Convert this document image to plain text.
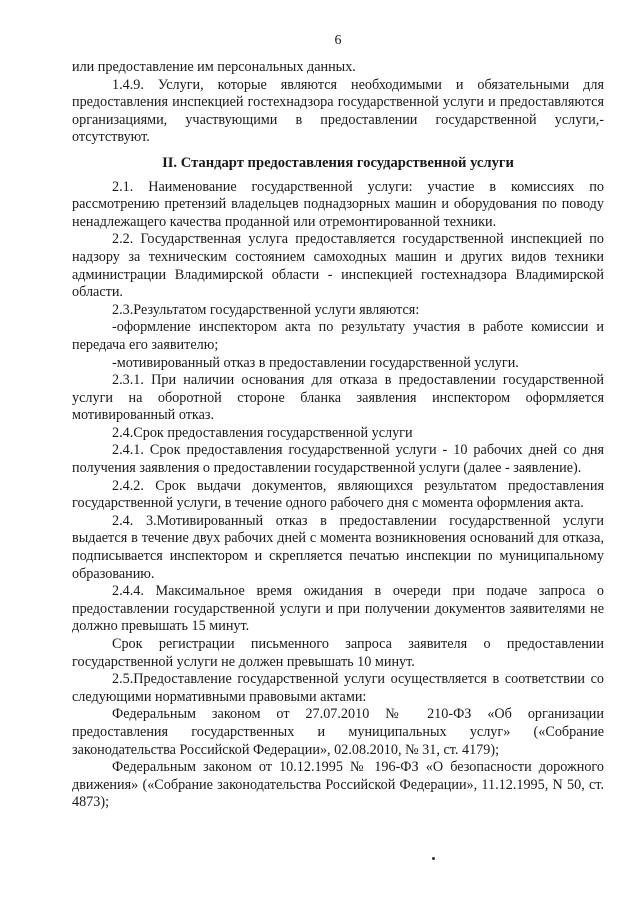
6

или предоставление им персональных данных.

1.4.9. Услуги, которые являются необходимыми и обязательными для предоставления инспекцией гостехнадзора государственной услуги и предоставляются организациями, участвующими в предоставлении государственной услуги,- отсутствуют.

II. Стандарт предоставления государственной услуги

2.1. Наименование государственной услуги: участие в комиссиях по рассмотрению претензий владельцев поднадзорных машин и оборудования по поводу ненадлежащего качества проданной или отремонтированной техники.

2.2. Государственная услуга предоставляется государственной инспекцией по надзору за техническим состоянием самоходных машин и других видов техники администрации Владимирской области - инспекцией гостехнадзора Владимирской области.

2.3.Результатом государственной услуги являются:

-оформление инспектором акта по результату участия в работе комиссии и передача его заявителю;

-мотивированный отказ в предоставлении государственной услуги.

2.3.1. При наличии основания для отказа в предоставлении государственной услуги на оборотной стороне бланка заявления инспектором оформляется мотивированный отказ.

2.4.Срок предоставления государственной услуги

2.4.1. Срок предоставления государственной услуги - 10 рабочих дней со дня получения заявления о предоставлении государственной услуги (далее - заявление).

2.4.2. Срок выдачи документов, являющихся результатом предоставления государственной услуги, в течение одного рабочего дня с момента оформления акта.

2.4. 3.Мотивированный отказ в предоставлении государственной услуги выдается в течение двух рабочих дней с момента возникновения оснований для отказа, подписывается инспектором и скрепляется печатью инспекции по муниципальному образованию.

2.4.4. Максимальное время ожидания в очереди при подаче запроса о предоставлении государственной услуги и при получении документов заявителями не должно превышать 15 минут.

Срок регистрации письменного запроса заявителя о предоставлении государственной услуги не должен превышать 10 минут.

2.5.Предоставление государственной услуги осуществляется в соответствии со следующими нормативными правовыми актами:

Федеральным законом от 27.07.2010 № 210-ФЗ «Об организации предоставления государственных и муниципальных услуг» («Собрание законодательства Российской Федерации», 02.08.2010, № 31, ст. 4179);

Федеральным законом от 10.12.1995 № 196-ФЗ «О безопасности дорожного движения» («Собрание законодательства Российской Федерации», 11.12.1995, N 50, ст. 4873);
